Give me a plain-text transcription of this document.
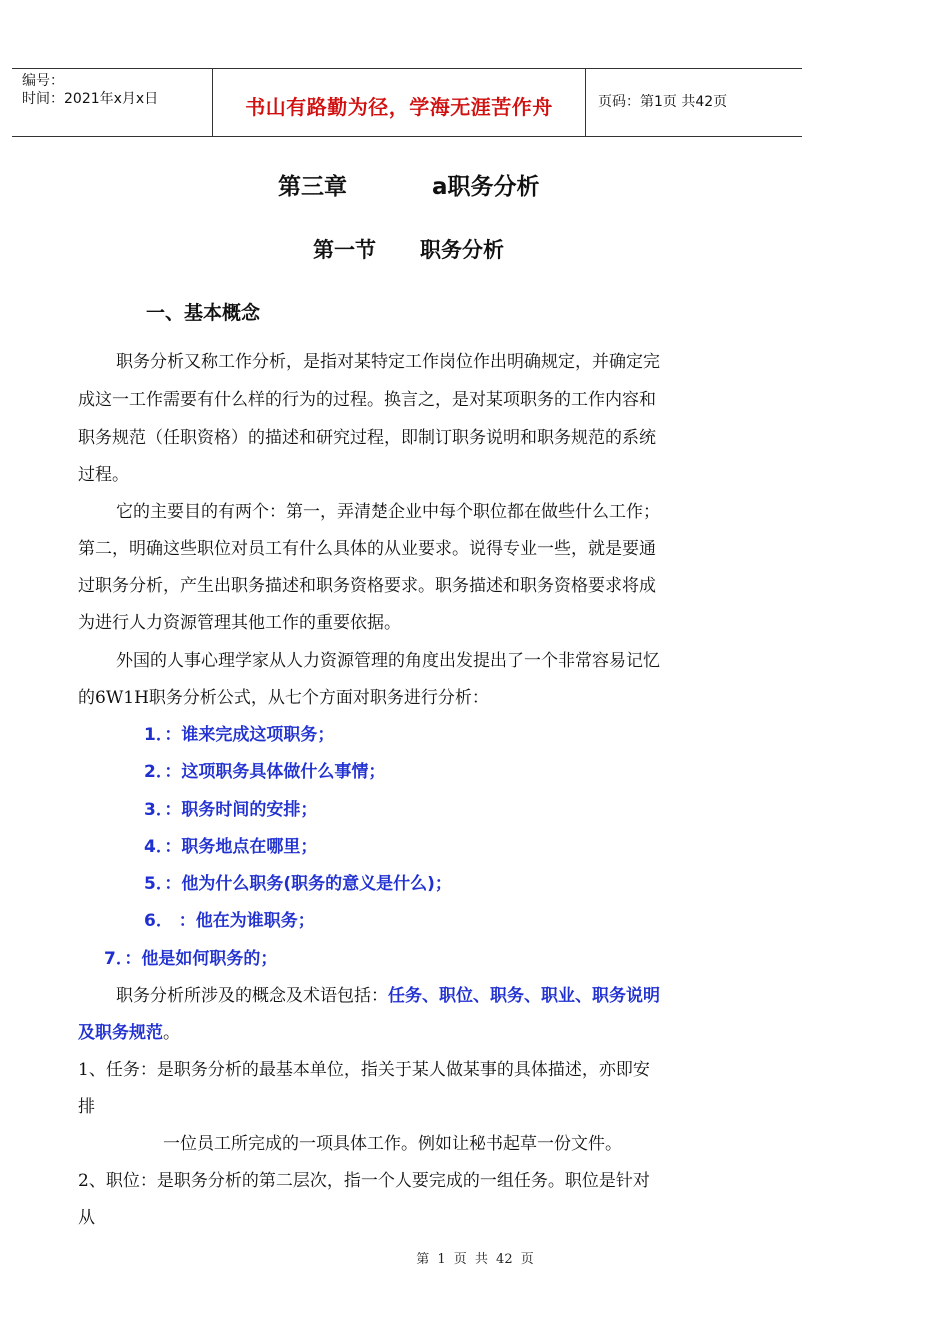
编号：
时间：2021年x月x日	书山有路勤为径，学海无涯苦作舟	页码：第1页 共42页
第三章	a职务分析
第一节 职务分析
一、基本概念
职务分析又称工作分析，是指对某特定工作岗位作出明确规定，并确定完
成这一工作需要有什么样的行为的过程。换言之，是对某项职务的工作内容和
职务规范（任职资格）的描述和研究过程，即制订职务说明和职务规范的系统
过程。
它的主要目的有两个：第一，弄清楚企业中每个职位都在做些什么工作；
第二，明确这些职位对员工有什么具体的从业要求。说得专业一些，就是要通
过职务分析，产生出职务描述和职务资格要求。职务描述和职务资格要求将成
为进行人力资源管理其他工作的重要依据。
外国的人事心理学家从人力资源管理的角度出发提出了一个非常容易记忆
的6W1H职务分析公式，从七个方面对职务进行分析：
1．：谁来完成这项职务；
2．：这项职务具体做什么事情；
3．：职务时间的安排；
4．：职务地点在哪里；
5．：他为什么职务(职务的意义是什么)；
6． ：他在为谁职务；
7．：他是如何职务的；
职务分析所涉及的概念及术语包括：任务、职位、职务、职业、职务说明
及职务规范。
1、任务：是职务分析的最基本单位，指关于某人做某事的具体描述，亦即安
排
一位员工所完成的一项具体工作。例如让秘书起草一份文件。
2、职位：是职务分析的第二层次，指一个人要完成的一组任务。职位是针对
从
第 1 页 共 42 页
